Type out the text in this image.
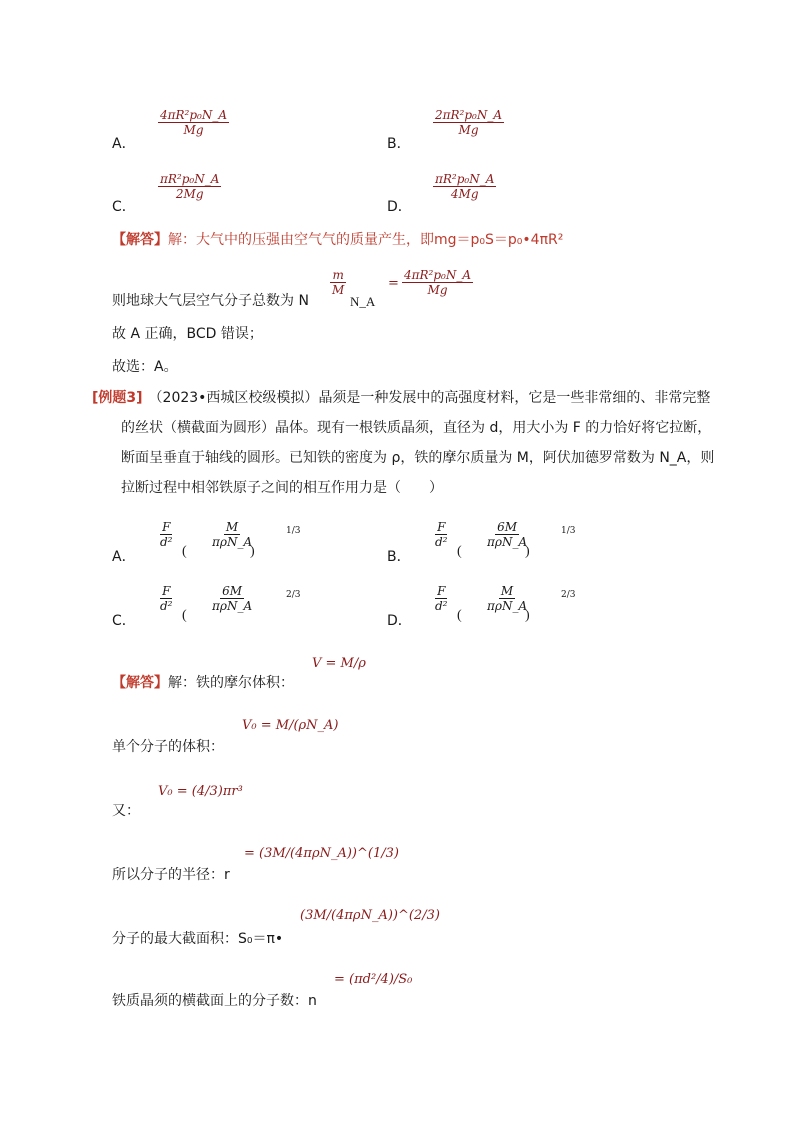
A．
$\frac{\text{4πR²p₀N\_A}}{Mg}$
B．
$\frac{\text{2πR²p₀N\_A}}{Mg}$
C．
$\frac{\text{πR²p₀N\_A}}{2Mg}$
D．
$\frac{\text{πR²p₀N\_A}}{4Mg}$
【解答】解：大气中的压强由空气气的质量产生，即mg＝p₀S＝p₀•4πR²
则地球大气层空气分子总数为 N
$\frac{m}{M}$
N_A
= $\frac{\text{4πR²p₀N\_A}}{Mg}$
故 A 正确，BCD 错误；
故选：A。
[例题3] （2023•西城区校级模拟）晶须是一种发展中的高强度材料，它是一些非常细的、非常完整
的丝状（横截面为圆形）晶体。现有一根铁质晶须，直径为 d，用大小为 F 的力恰好将它拉断，
断面呈垂直于轴线的圆形。已知铁的密度为 ρ，铁的摩尔质量为 M，阿伏加德罗常数为 N_A，则
拉断过程中相邻铁原子之间的相互作用力是（　　）
A．
$\frac{F}{\text{d²}}$
(
M
πρN_A
)
1/3
B．
$\frac{F}{\text{d²}}$
(
6M
πρN_A
)
1/3
C．
$\frac{F}{\text{d²}}$
(
6M
πρN_A
2/3
D．
$\frac{F}{\text{d²}}$
(
M
πρN_A
)
2/3
【解答】 解：铁的摩尔体积：
V = M/ρ
单个分子的体积：
V₀ = M/(ρN_A)
又：
V₀ = (4/3)πr³
所以分子的半径：r
= (3M/(4πρN_A))^(1/3)
分子的最大截面积：S₀＝π•
(3M/(4πρN_A))^(2/3)
铁质晶须的横截面上的分子数：n
= (πd²/4)/S₀
